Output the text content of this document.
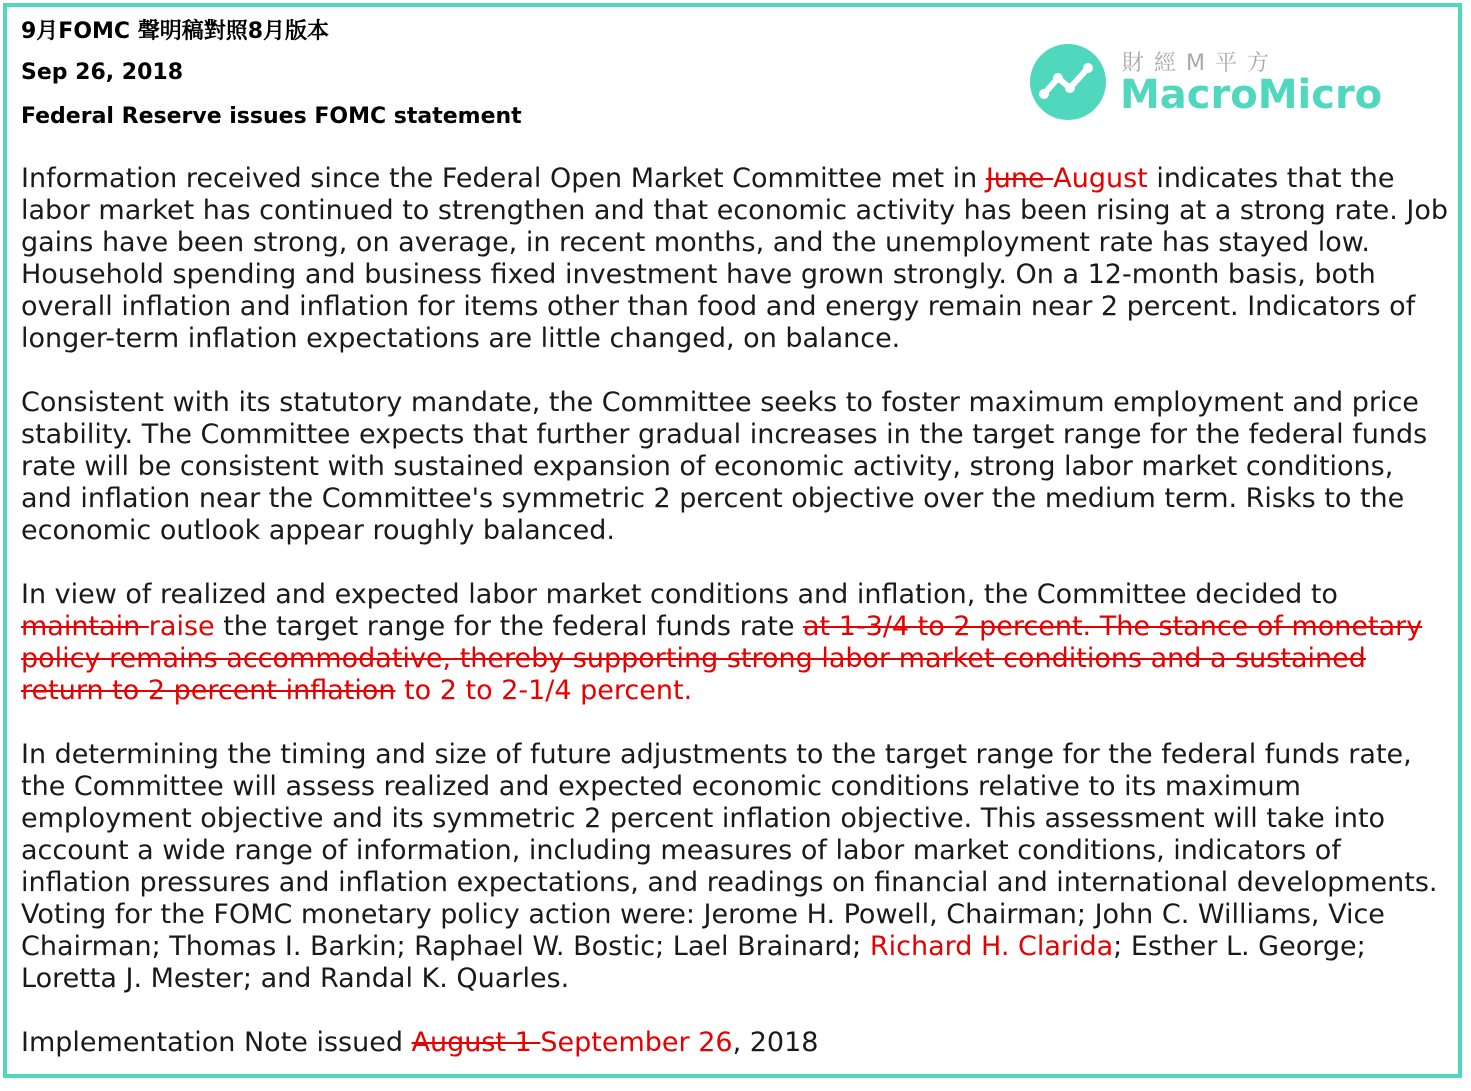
9月FOMC 聲明稿對照8月版本
Sep 26, 2018
Federal Reserve issues FOMC statement
財經M平方
MacroMicro

Information received since the Federal Open Market Committee met in June August indicates that the labor market has continued to strengthen and that economic activity has been rising at a strong rate. Job gains have been strong, on average, in recent months, and the unemployment rate has stayed low. Household spending and business fixed investment have grown strongly. On a 12-month basis, both overall inflation and inflation for items other than food and energy remain near 2 percent. Indicators of longer-term inflation expectations are little changed, on balance.

Consistent with its statutory mandate, the Committee seeks to foster maximum employment and price stability. The Committee expects that further gradual increases in the target range for the federal funds rate will be consistent with sustained expansion of economic activity, strong labor market conditions, and inflation near the Committee's symmetric 2 percent objective over the medium term. Risks to the economic outlook appear roughly balanced.

In view of realized and expected labor market conditions and inflation, the Committee decided to maintain raise the target range for the federal funds rate at 1-3/4 to 2 percent. The stance of monetary policy remains accommodative, thereby supporting strong labor market conditions and a sustained return to 2 percent inflation to 2 to 2-1/4 percent.

In determining the timing and size of future adjustments to the target range for the federal funds rate, the Committee will assess realized and expected economic conditions relative to its maximum employment objective and its symmetric 2 percent inflation objective. This assessment will take into account a wide range of information, including measures of labor market conditions, indicators of inflation pressures and inflation expectations, and readings on financial and international developments. Voting for the FOMC monetary policy action were: Jerome H. Powell, Chairman; John C. Williams, Vice Chairman; Thomas I. Barkin; Raphael W. Bostic; Lael Brainard; Richard H. Clarida; Esther L. George; Loretta J. Mester; and Randal K. Quarles.

Implementation Note issued August 1 September 26, 2018
